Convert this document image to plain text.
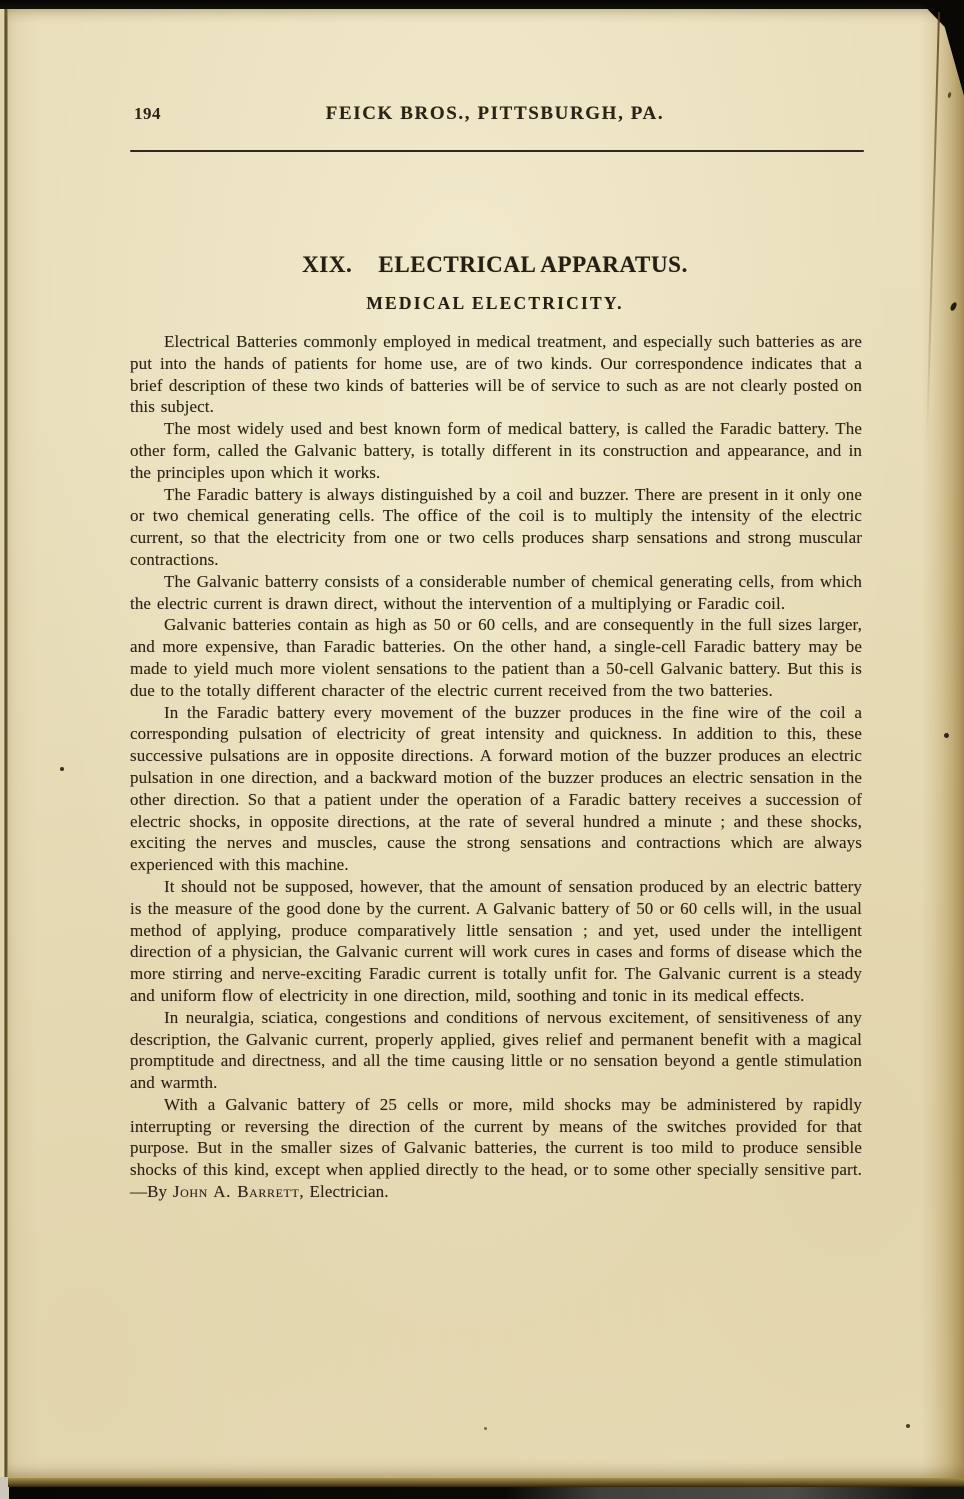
194	FEICK BROS., PITTSBURGH, PA.
XIX. ELECTRICAL APPARATUS.
MEDICAL ELECTRICITY.

Electrical Batteries commonly employed in medical treatment, and especially such batteries as are put into the hands of patients for home use, are of two kinds. Our correspondence indicates that a brief description of these two kinds of batteries will be of service to such as are not clearly posted on this subject.

The most widely used and best known form of medical battery, is called the Faradic battery. The other form, called the Galvanic battery, is totally different in its construction and appearance, and in the principles upon which it works.

The Faradic battery is always distinguished by a coil and buzzer. There are present in it only one or two chemical generating cells. The office of the coil is to multiply the intensity of the electric current, so that the electricity from one or two cells produces sharp sensations and strong muscular contractions.

The Galvanic batterry consists of a considerable number of chemical generating cells, from which the electric current is drawn direct, without the intervention of a multiplying or Faradic coil.

Galvanic batteries contain as high as 50 or 60 cells, and are consequently in the full sizes larger, and more expensive, than Faradic batteries. On the other hand, a single-cell Faradic battery may be made to yield much more violent sensations to the patient than a 50-cell Galvanic battery. But this is due to the totally different character of the electric current received from the two batteries.

In the Faradic battery every movement of the buzzer produces in the fine wire of the coil a corresponding pulsation of electricity of great intensity and quickness. In addition to this, these successive pulsations are in opposite directions. A forward motion of the buzzer produces an electric pulsation in one direction, and a backward motion of the buzzer produces an electric sensation in the other direction. So that a patient under the operation of a Faradic battery receives a succession of electric shocks, in opposite directions, at the rate of several hundred a minute ; and these shocks, exciting the nerves and muscles, cause the strong sensations and contractions which are always experienced with this machine.

It should not be supposed, however, that the amount of sensation produced by an electric battery is the measure of the good done by the current. A Galvanic battery of 50 or 60 cells will, in the usual method of applying, produce comparatively little sensation ; and yet, used under the intelligent direction of a physician, the Galvanic current will work cures in cases and forms of disease which the more stirring and nerve-exciting Faradic current is totally unfit for. The Galvanic current is a steady and uniform flow of electricity in one direction, mild, soothing and tonic in its medical effects.

In neuralgia, sciatica, congestions and conditions of nervous excitement, of sensitiveness of any description, the Galvanic current, properly applied, gives relief and permanent benefit with a magical promptitude and directness, and all the time causing little or no sensation beyond a gentle stimulation and warmth.

With a Galvanic battery of 25 cells or more, mild shocks may be administered by rapidly interrupting or reversing the direction of the current by means of the switches provided for that purpose. But in the smaller sizes of Galvanic batteries, the current is too mild to produce sensible shocks of this kind, except when applied directly to the head, or to some other specially sensitive part.—By John A. Barrett, Electrician.
